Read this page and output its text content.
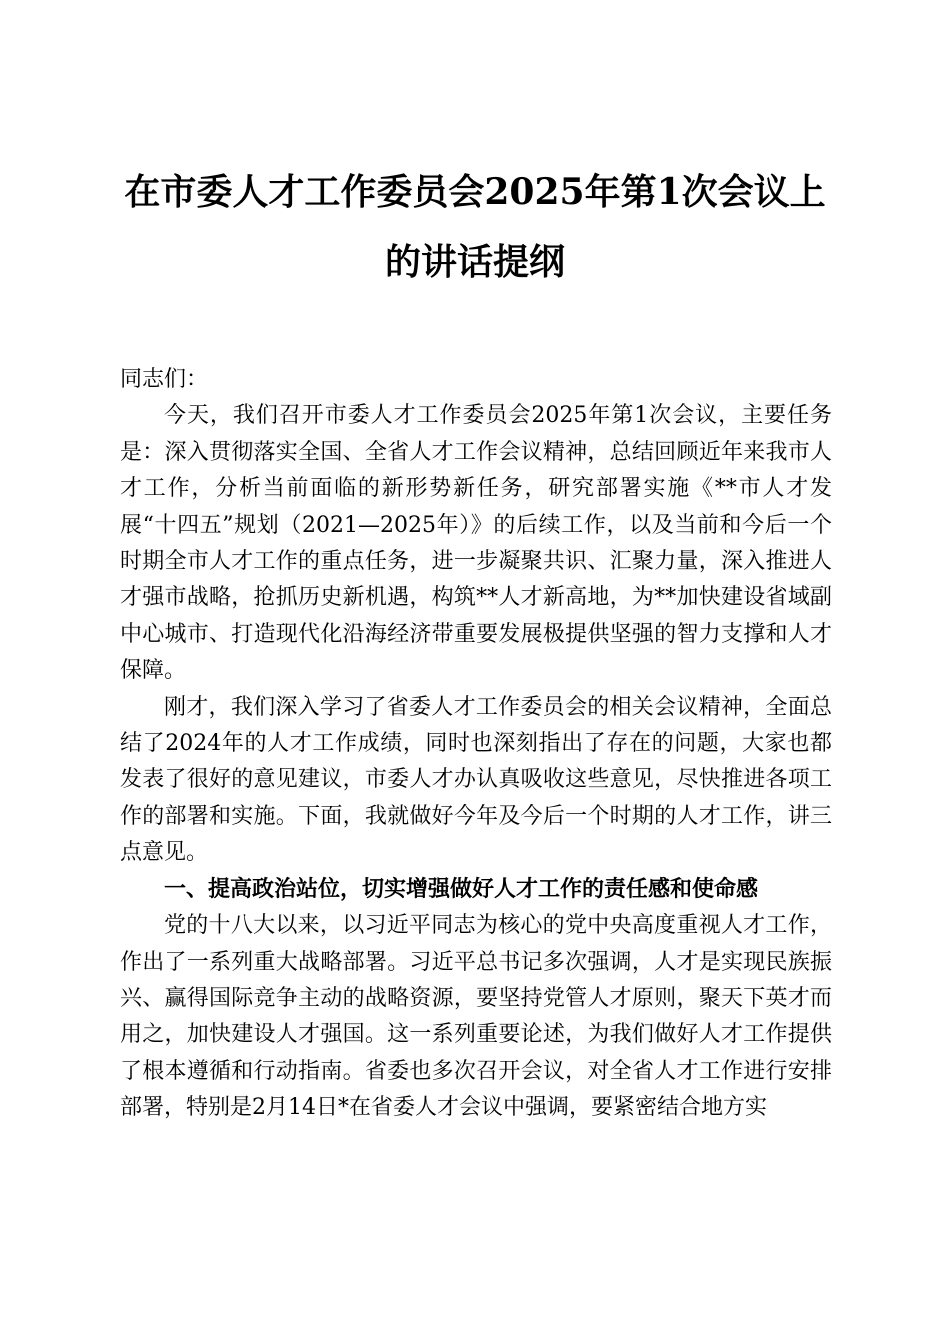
在市委人才工作委员会2025年第1次会议上
的讲话提纲

同志们：

今天，我们召开市委人才工作委员会2025年第1次会议，主要任务是：深入贯彻落实全国、全省人才工作会议精神，总结回顾近年来我市人才工作，分析当前面临的新形势新任务，研究部署实施《**市人才发展“十四五”规划（2021—2025年）》的后续工作，以及当前和今后一个时期全市人才工作的重点任务，进一步凝聚共识、汇聚力量，深入推进人才强市战略，抢抓历史新机遇，构筑**人才新高地，为**加快建设省域副中心城市、打造现代化沿海经济带重要发展极提供坚强的智力支撑和人才保障。

刚才，我们深入学习了省委人才工作委员会的相关会议精神，全面总结了2024年的人才工作成绩，同时也深刻指出了存在的问题，大家也都发表了很好的意见建议，市委人才办认真吸收这些意见，尽快推进各项工作的部署和实施。下面，我就做好今年及今后一个时期的人才工作，讲三点意见。

一、提高政治站位，切实增强做好人才工作的责任感和使命感

党的十八大以来，以习近平同志为核心的党中央高度重视人才工作，作出了一系列重大战略部署。习近平总书记多次强调，人才是实现民族振兴、赢得国际竞争主动的战略资源，要坚持党管人才原则，聚天下英才而用之，加快建设人才强国。这一系列重要论述，为我们做好人才工作提供了根本遵循和行动指南。省委也多次召开会议，对全省人才工作进行安排部署，特别是2月14日*在省委人才会议中强调，要紧密结合地方实
